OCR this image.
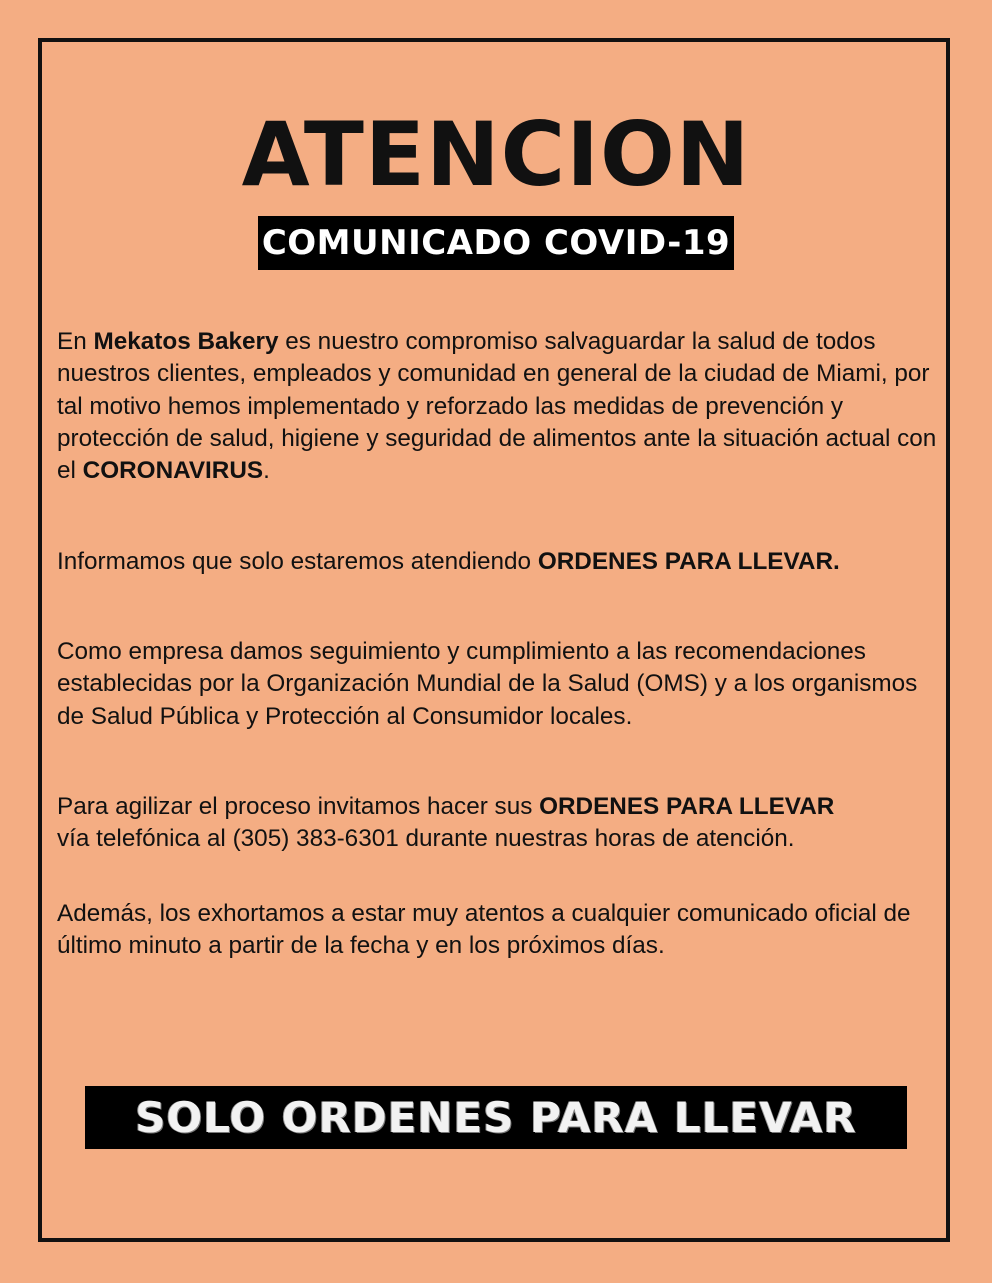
ATENCION
COMUNICADO COVID-19

En Mekatos Bakery es nuestro compromiso salvaguardar la salud de todos nuestros clientes, empleados y comunidad en general de la ciudad de Miami, por tal motivo hemos implementado y reforzado las medidas de prevención y protección de salud, higiene y seguridad de alimentos ante la situación actual con el CORONAVIRUS.

Informamos que solo estaremos atendiendo ORDENES PARA LLEVAR.

Como empresa damos seguimiento y cumplimiento a las recomendaciones establecidas por la Organización Mundial de la Salud (OMS) y a los organismos de Salud Pública y Protección al Consumidor locales.

Para agilizar el proceso invitamos hacer sus ORDENES PARA LLEVAR
vía telefónica al (305) 383-6301 durante nuestras horas de atención.

Además, los exhortamos a estar muy atentos a cualquier comunicado oficial de último minuto a partir de la fecha y en los próximos días.

SOLO ORDENES PARA LLEVAR
